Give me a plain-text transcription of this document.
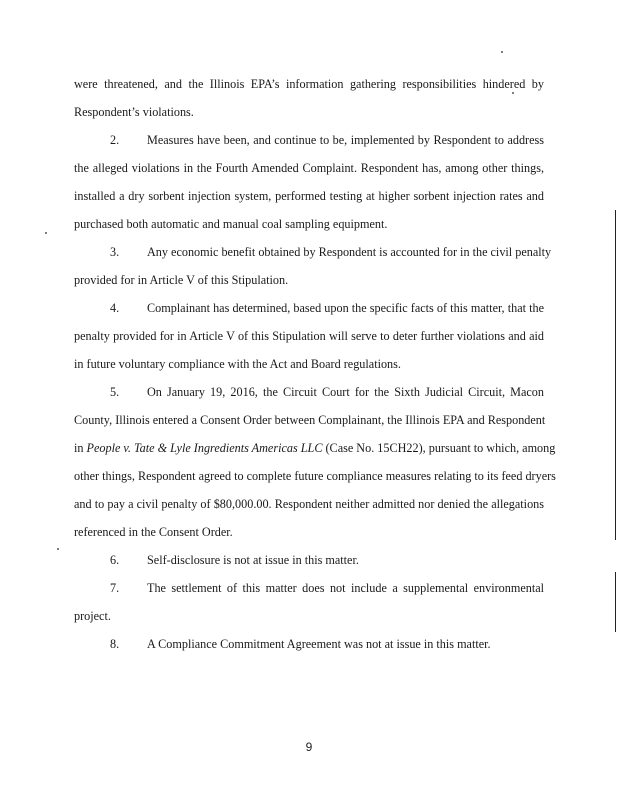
were threatened, and the Illinois EPA’s information gathering responsibilities hindered by
Respondent’s violations.
2. Measures have been, and continue to be, implemented by Respondent to address
the alleged violations in the Fourth Amended Complaint. Respondent has, among other things,
installed a dry sorbent injection system, performed testing at higher sorbent injection rates and
purchased both automatic and manual coal sampling equipment.
3. Any economic benefit obtained by Respondent is accounted for in the civil penalty
provided for in Article V of this Stipulation.
4. Complainant has determined, based upon the specific facts of this matter, that the
penalty provided for in Article V of this Stipulation will serve to deter further violations and aid
in future voluntary compliance with the Act and Board regulations.
5. On January 19, 2016, the Circuit Court for the Sixth Judicial Circuit, Macon
County, Illinois entered a Consent Order between Complainant, the Illinois EPA and Respondent
in People v. Tate & Lyle Ingredients Americas LLC (Case No. 15CH22), pursuant to which, among
other things, Respondent agreed to complete future compliance measures relating to its feed dryers
and to pay a civil penalty of $80,000.00. Respondent neither admitted nor denied the allegations
referenced in the Consent Order.
6. Self-disclosure is not at issue in this matter.
7. The settlement of this matter does not include a supplemental environmental
project.
8. A Compliance Commitment Agreement was not at issue in this matter.
9
